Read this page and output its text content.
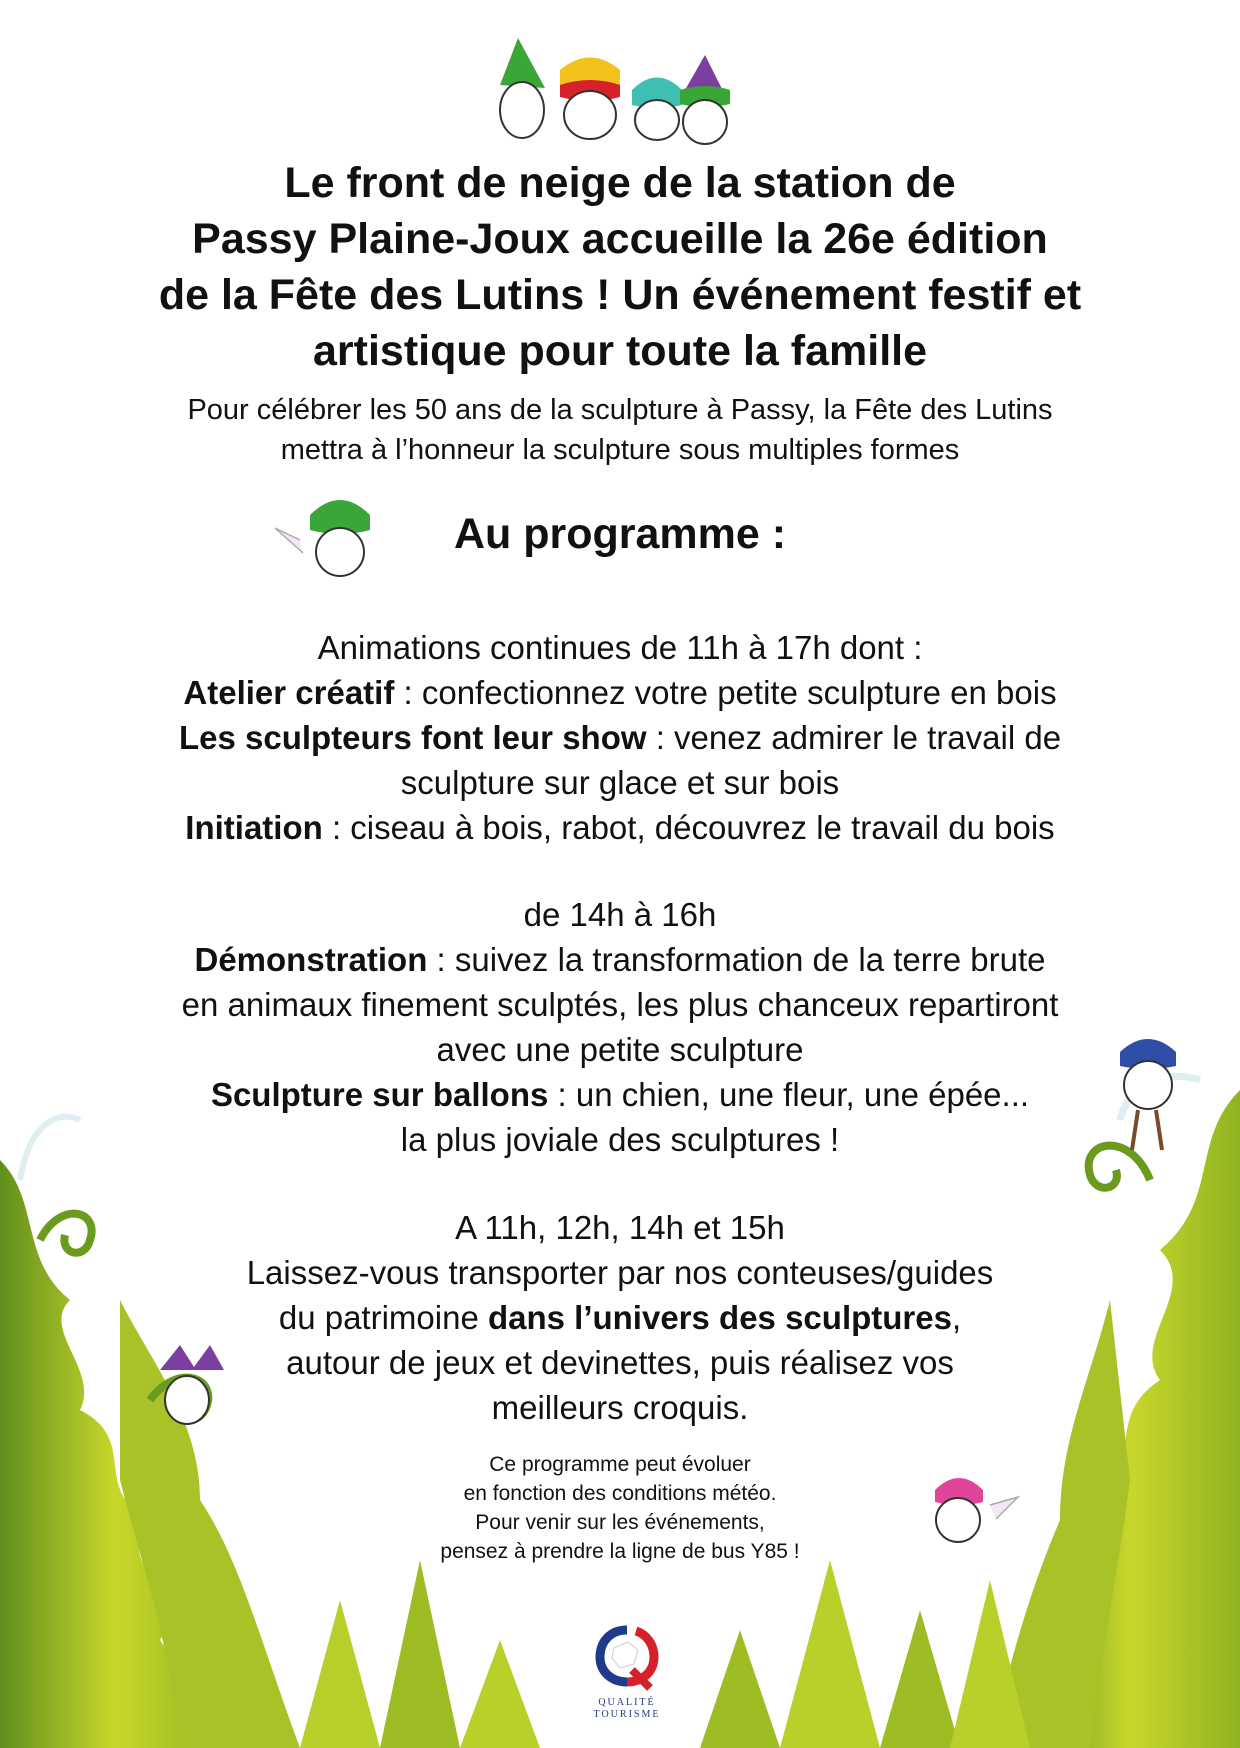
Le front de neige de la station de
Passy Plaine-Joux accueille la 26e édition
de la Fête des Lutins ! Un événement festif et
artistique pour toute la famille
Pour célébrer les 50 ans de la sculpture à Passy, la Fête des Lutins
mettra à l’honneur la sculpture sous multiples formes
Au programme :
Animations continues de 11h à 17h dont :
Atelier créatif : confectionnez votre petite sculpture en bois
Les sculpteurs font leur show : venez admirer le travail de
sculpture sur glace et sur bois
Initiation : ciseau à bois, rabot, découvrez le travail du bois
de 14h à 16h
Démonstration : suivez la transformation de la terre brute
en animaux finement sculptés, les plus chanceux repartiront
avec une petite sculpture
Sculpture sur ballons : un chien, une fleur, une épée...
la plus joviale des sculptures !
A 11h, 12h, 14h et 15h
Laissez-vous transporter par nos conteuses/guides
du patrimoine dans l’univers des sculptures,
autour de jeux et devinettes, puis réalisez vos
meilleurs croquis.
Ce programme peut évoluer
en fonction des conditions météo.
Pour venir sur les événements,
pensez à prendre la ligne de bus Y85 !
QUALITÉ
TOURISME
